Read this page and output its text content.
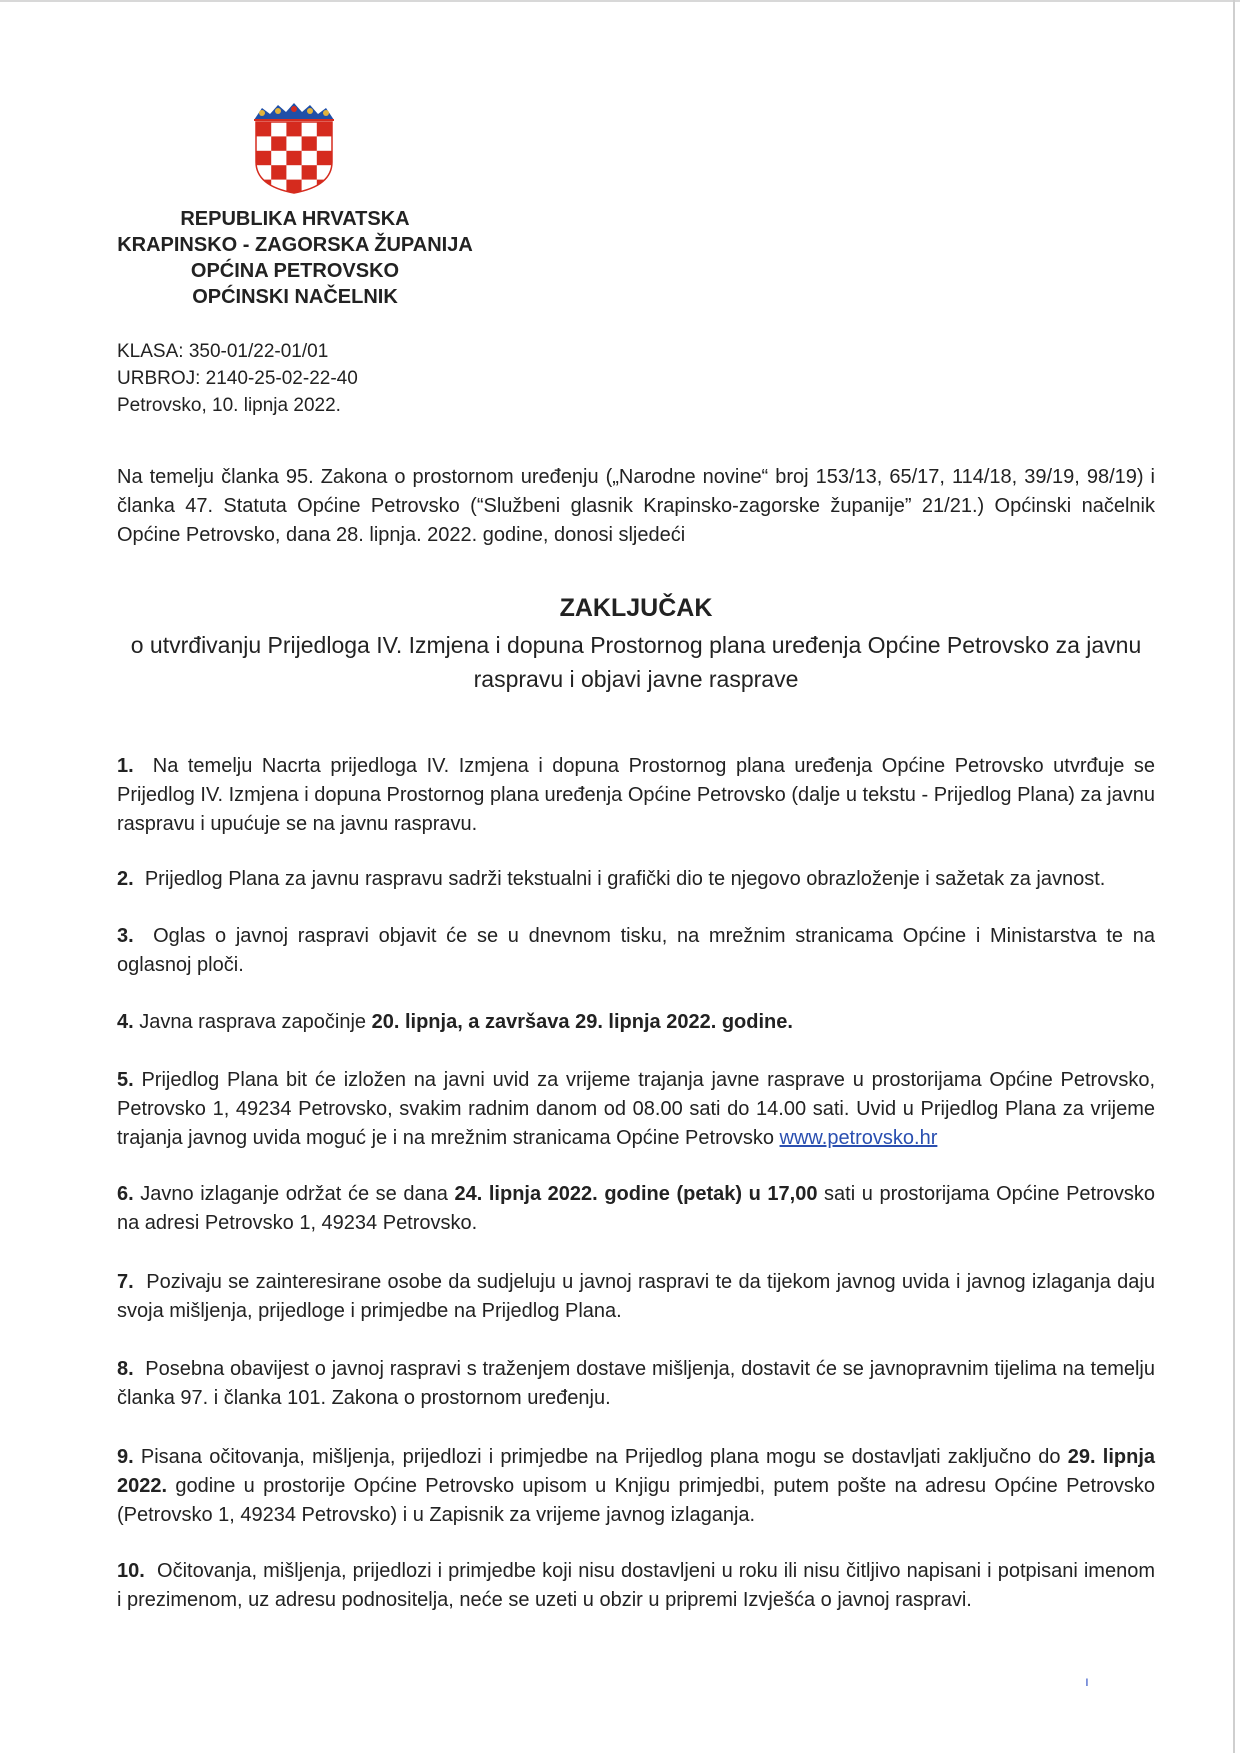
REPUBLIKA HRVATSKA
KRAPINSKO - ZAGORSKA ŽUPANIJA
OPĆINA PETROVSKO
OPĆINSKI NAČELNIK
KLASA: 350-01/22-01/01
URBROJ: 2140-25-02-22-40
Petrovsko, 10. lipnja 2022.
Na temelju članka 95. Zakona o prostornom uređenju („Narodne novine“ broj 153/13, 65/17, 114/18, 39/19, 98/19) i članka 47. Statuta Općine Petrovsko (“Službeni glasnik Krapinsko-zagorske županije” 21/21.) Općinski načelnik Općine Petrovsko, dana 28. lipnja. 2022. godine, donosi sljedeći
ZAKLJUČAK
o utvrđivanju Prijedloga IV. Izmjena i dopuna Prostornog plana uređenja Općine Petrovsko za javnu raspravu i objavi javne rasprave
1. Na temelju Nacrta prijedloga IV. Izmjena i dopuna Prostornog plana uređenja Općine Petrovsko utvrđuje se Prijedlog IV. Izmjena i dopuna Prostornog plana uređenja Općine Petrovsko (dalje u tekstu - Prijedlog Plana) za javnu raspravu i upućuje se na javnu raspravu.
2. Prijedlog Plana za javnu raspravu sadrži tekstualni i grafički dio te njegovo obrazloženje i sažetak za javnost.
3. Oglas o javnoj raspravi objavit će se u dnevnom tisku, na mrežnim stranicama Općine i Ministarstva te na oglasnoj ploči.
4. Javna rasprava započinje 20. lipnja, a završava 29. lipnja 2022. godine.
5. Prijedlog Plana bit će izložen na javni uvid za vrijeme trajanja javne rasprave u prostorijama Općine Petrovsko, Petrovsko 1, 49234 Petrovsko, svakim radnim danom od 08.00 sati do 14.00 sati. Uvid u Prijedlog Plana za vrijeme trajanja javnog uvida moguć je i na mrežnim stranicama Općine Petrovsko www.petrovsko.hr
6. Javno izlaganje održat će se dana 24. lipnja 2022. godine (petak) u 17,00 sati u prostorijama Općine Petrovsko na adresi Petrovsko 1, 49234 Petrovsko.
7. Pozivaju se zainteresirane osobe da sudjeluju u javnoj raspravi te da tijekom javnog uvida i javnog izlaganja daju svoja mišljenja, prijedloge i primjedbe na Prijedlog Plana.
8. Posebna obavijest o javnoj raspravi s traženjem dostave mišljenja, dostavit će se javnopravnim tijelima na temelju članka 97. i članka 101. Zakona o prostornom uređenju.
9. Pisana očitovanja, mišljenja, prijedlozi i primjedbe na Prijedlog plana mogu se dostavljati zaključno do 29. lipnja 2022. godine u prostorije Općine Petrovsko upisom u Knjigu primjedbi, putem pošte na adresu Općine Petrovsko (Petrovsko 1, 49234 Petrovsko) i u Zapisnik za vrijeme javnog izlaganja.
10. Očitovanja, mišljenja, prijedlozi i primjedbe koji nisu dostavljeni u roku ili nisu čitljivo napisani i potpisani imenom i prezimenom, uz adresu podnositelja, neće se uzeti u obzir u pripremi Izvješća o javnoj raspravi.
ı
